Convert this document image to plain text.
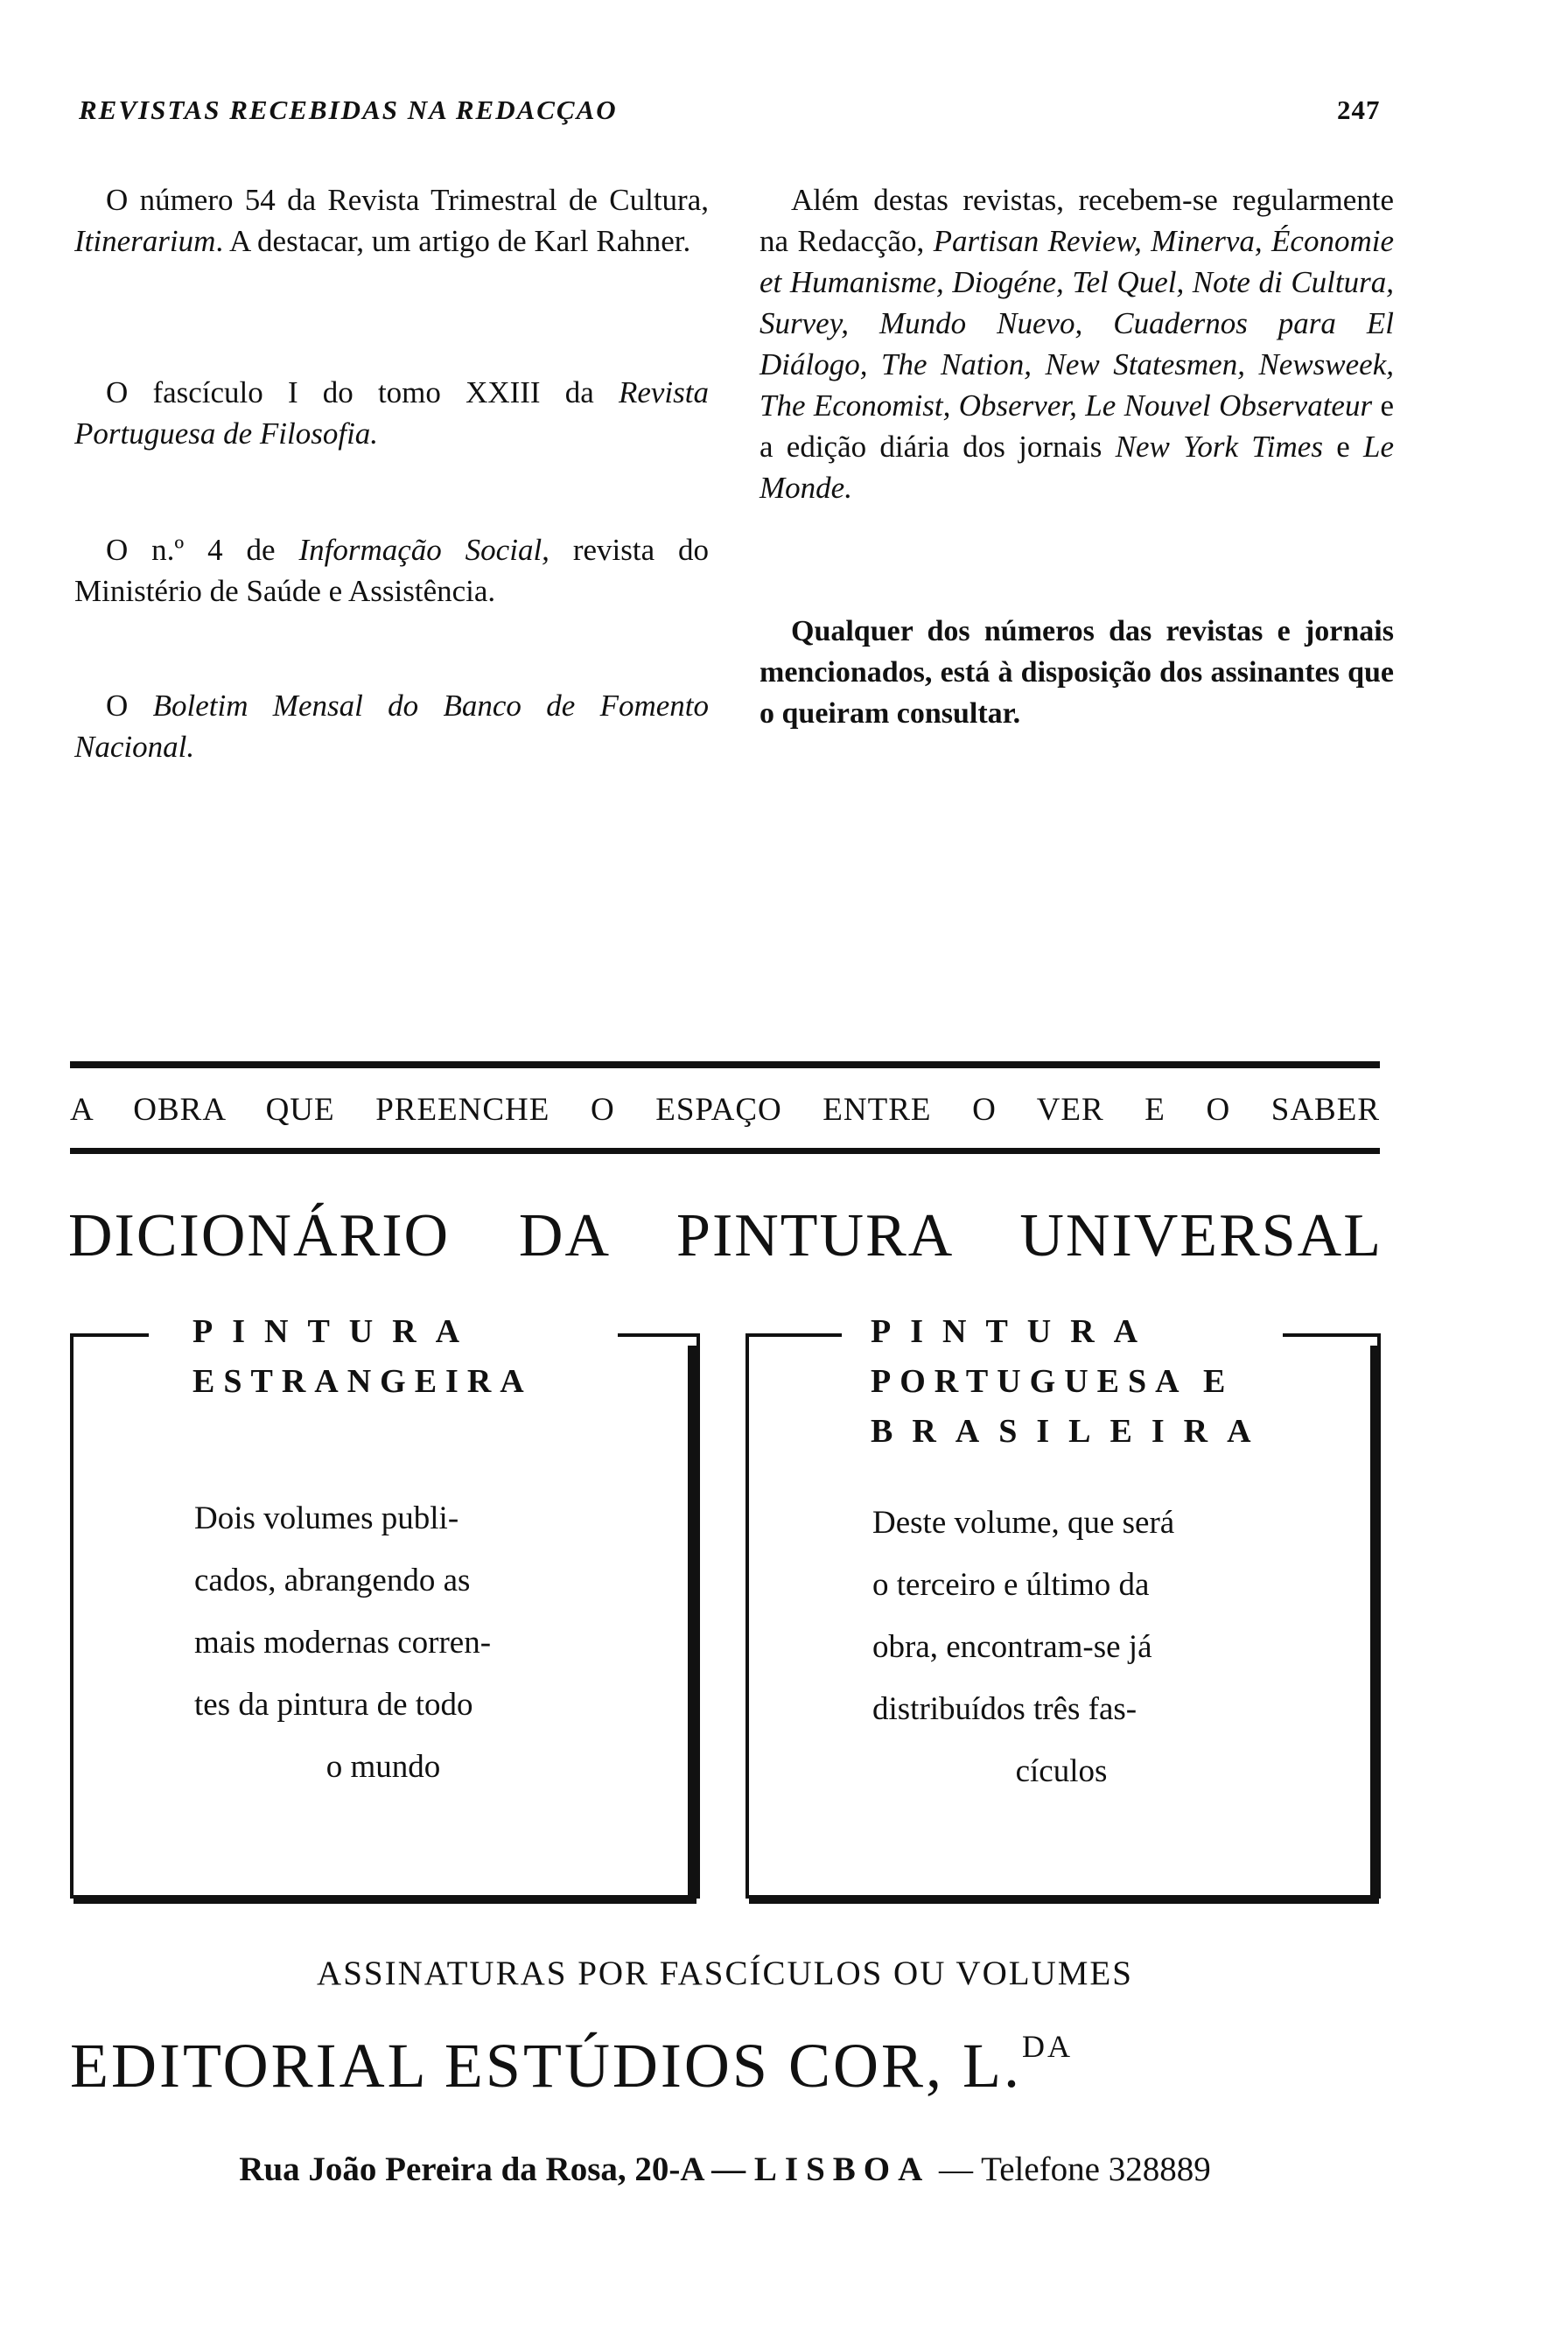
REVISTAS RECEBIDAS NA REDACÇAO	247

O número 54 da Revista Trimestral de Cultura, Itinerarium. A destacar, um artigo de Karl Rahner.

O fascículo I do tomo XXIII da Revista Portuguesa de Filosofia.

O n.º 4 de Informação Social, revista do Ministério de Saúde e Assistência.

O Boletim Mensal do Banco de Fomento Nacional.

Além destas revistas, recebem-se regularmente na Redacção, Partisan Review, Minerva, Économie et Humanisme, Diogéne, Tel Quel, Note di Cultura, Survey, Mundo Nuevo, Cuadernos para El Diálogo, The Nation, New Statesmen, Newsweek, The Economist, Observer, Le Nouvel Observateur e a edição diária dos jornais New York Times e Le Monde.

Qualquer dos números das revistas e jornais mencionados, está à disposição dos assinantes que o queiram consultar.

A OBRA QUE PREENCHE O ESPAÇO ENTRE O VER E O SABER
DICIONÁRIO DA PINTURA UNIVERSAL
PINTURA
ESTRANGEIRA
Dois volumes publi-
cados, abrangendo as
mais modernas corren-
tes da pintura de todo
o mundo
PINTURA
PORTUGUESA E
BRASILEIRA
Deste volume, que será
o terceiro e último da
obra, encontram-se já
distribuídos três fas-
cículos
ASSINATURAS POR FASCÍCULOS OU VOLUMES
EDITORIAL ESTÚDIOS COR, L.$^{DA}$
Rua João Pereira da Rosa, 20-A — LISBOA — Telefone 328889
